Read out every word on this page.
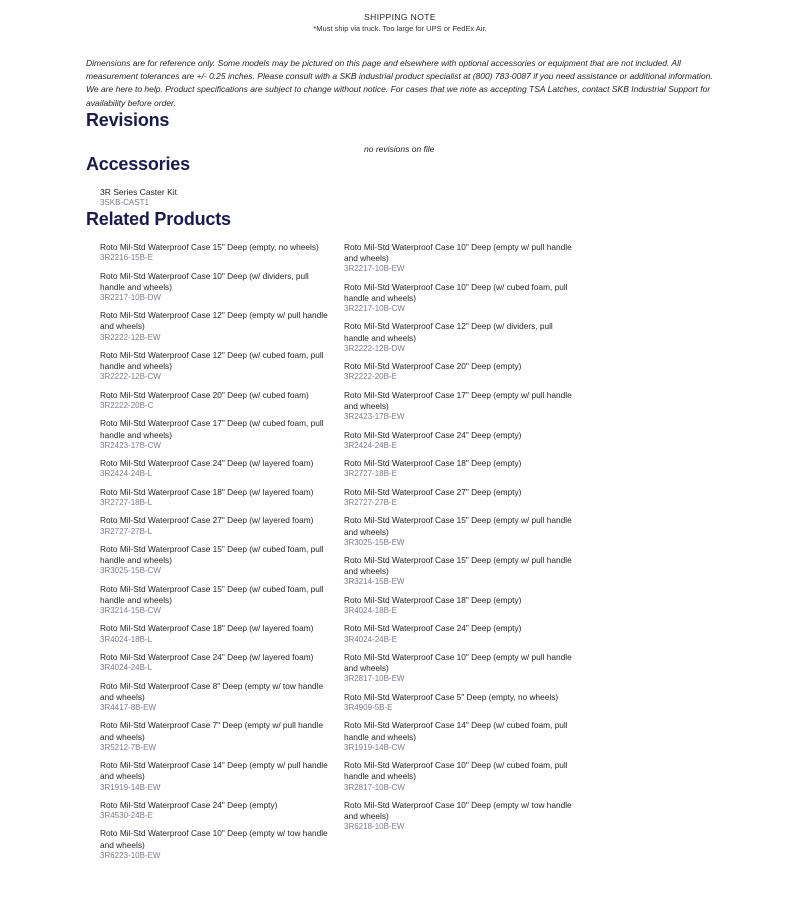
SHIPPING NOTE
*Must ship via truck. Too large for UPS or FedEx Air.
Dimensions are for reference only. Some models may be pictured on this page and elsewhere with optional accessories or equipment that are not included. All measurement tolerances are +/- 0.25 inches. Please consult with a SKB industrial product specialist at (800) 783-0087 if you need assistance or additional information. We are here to help. Product specifications are subject to change without notice. For cases that we note as accepting TSA Latches, contact SKB Industrial Support for availability before order.
Revisions
no revisions on file
Accessories
3R Series Caster Kit
3SKB-CAST1
Related Products
Roto Mil-Std Waterproof Case 15" Deep (empty, no wheels)
3R2216-15B-E
Roto Mil-Std Waterproof Case 10" Deep (w/ dividers, pull handle and wheels)
3R2217-10B-DW
Roto Mil-Std Waterproof Case 12" Deep (empty w/ pull handle and wheels)
3R2222-12B-EW
Roto Mil-Std Waterproof Case 12" Deep (w/ cubed foam, pull handle and wheels)
3R2222-12B-CW
Roto Mil-Std Waterproof Case 20" Deep (w/ cubed foam)
3R2222-20B-C
Roto Mil-Std Waterproof Case 17" Deep (w/ cubed foam, pull handle and wheels)
3R2423-17B-CW
Roto Mil-Std Waterproof Case 24" Deep (w/ layered foam)
3R2424-24B-L
Roto Mil-Std Waterproof Case 18" Deep (w/ layered foam)
3R2727-18B-L
Roto Mil-Std Waterproof Case 27" Deep (w/ layered foam)
3R2727-27B-L
Roto Mil-Std Waterproof Case 15" Deep (w/ cubed foam, pull handle and wheels)
3R3025-15B-CW
Roto Mil-Std Waterproof Case 15" Deep (w/ cubed foam, pull handle and wheels)
3R3214-15B-CW
Roto Mil-Std Waterproof Case 18" Deep (w/ layered foam)
3R4024-18B-L
Roto Mil-Std Waterproof Case 24" Deep (w/ layered foam)
3R4024-24B-L
Roto Mil-Std Waterproof Case 8" Deep (empty w/ tow handle and wheels)
3R4417-8B-EW
Roto Mil-Std Waterproof Case 7" Deep (empty w/ pull handle and wheels)
3R5212-7B-EW
Roto Mil-Std Waterproof Case 14" Deep (empty w/ pull handle and wheels)
3R1919-14B-EW
Roto Mil-Std Waterproof Case 24" Deep (empty)
3R4530-24B-E
Roto Mil-Std Waterproof Case 10" Deep (empty w/ tow handle and wheels)
3R6223-10B-EW
Roto Mil-Std Waterproof Case 10" Deep (empty w/ pull handle and wheels)
3R2217-10B-EW
Roto Mil-Std Waterproof Case 10" Deep (w/ cubed foam, pull handle and wheels)
3R2217-10B-CW
Roto Mil-Std Waterproof Case 12" Deep (w/ dividers, pull handle and wheels)
3R2222-12B-DW
Roto Mil-Std Waterproof Case 20" Deep (empty)
3R2222-20B-E
Roto Mil-Std Waterproof Case 17" Deep (empty w/ pull handle and wheels)
3R2423-17B-EW
Roto Mil-Std Waterproof Case 24" Deep (empty)
3R2424-24B-E
Roto Mil-Std Waterproof Case 18" Deep (empty)
3R2727-18B-E
Roto Mil-Std Waterproof Case 27" Deep (empty)
3R2727-27B-E
Roto Mil-Std Waterproof Case 15" Deep (empty w/ pull handle and wheels)
3R3025-15B-EW
Roto Mil-Std Waterproof Case 15" Deep (empty w/ pull handle and wheels)
3R3214-15B-EW
Roto Mil-Std Waterproof Case 18" Deep (empty)
3R4024-18B-E
Roto Mil-Std Waterproof Case 24" Deep (empty)
3R4024-24B-E
Roto Mil-Std Waterproof Case 10" Deep (empty w/ pull handle and wheels)
3R2817-10B-EW
Roto Mil-Std Waterproof Case 5" Deep (empty, no wheels)
3R4909-5B-E
Roto Mil-Std Waterproof Case 14" Deep (w/ cubed foam, pull handle and wheels)
3R1919-14B-CW
Roto Mil-Std Waterproof Case 10" Deep (w/ cubed foam, pull handle and wheels)
3R2817-10B-CW
Roto Mil-Std Waterproof Case 10" Deep (empty w/ tow handle and wheels)
3R6218-10B-EW
